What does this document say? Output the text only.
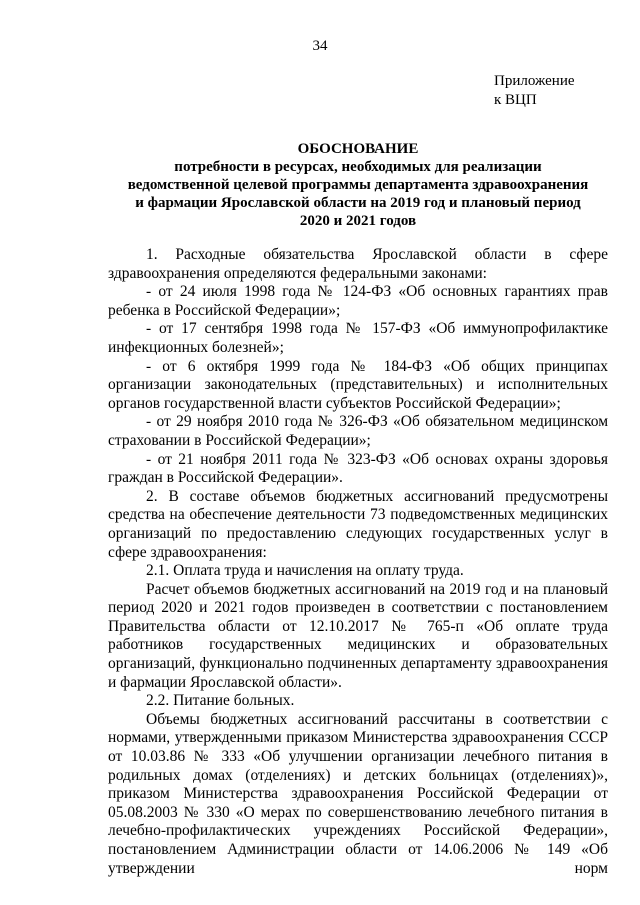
34
Приложение
к ВЦП
ОБОСНОВАНИЕ
потребности в ресурсах, необходимых для реализации
ведомственной целевой программы департамента здравоохранения
и фармации Ярославской области на 2019 год и плановый период
2020 и 2021 годов

1. Расходные обязательства Ярославской области в сфере здравоохранения определяются федеральными законами:

- от 24 июля 1998 года № 124-ФЗ «Об основных гарантиях прав ребенка в Российской Федерации»;

- от 17 сентября 1998 года № 157-ФЗ «Об иммунопрофилактике инфекционных болезней»;

- от 6 октября 1999 года № 184-ФЗ «Об общих принципах организации законодательных (представительных) и исполнительных органов государственной власти субъектов Российской Федерации»;

- от 29 ноября 2010 года № 326-ФЗ «Об обязательном медицинском страховании в Российской Федерации»;

- от 21 ноября 2011 года № 323-ФЗ «Об основах охраны здоровья граждан в Российской Федерации».

2. В составе объемов бюджетных ассигнований предусмотрены средства на обеспечение деятельности 73 подведомственных медицинских организаций по предоставлению следующих государственных услуг в сфере здравоохранения:

2.1. Оплата труда и начисления на оплату труда.

Расчет объемов бюджетных ассигнований на 2019 год и на плановый период 2020 и 2021 годов произведен в соответствии с постановлением Правительства области от 12.10.2017 № 765-п «Об оплате труда работников государственных медицинских и образовательных организаций, функционально подчиненных департаменту здравоохранения и фармации Ярославской области».

2.2. Питание больных.

Объемы бюджетных ассигнований рассчитаны в соответствии с нормами, утвержденными приказом Министерства здравоохранения СССР от 10.03.86 № 333 «Об улучшении организации лечебного питания в родильных домах (отделениях) и детских больницах (отделениях)», приказом Министерства здравоохранения Российской Федерации от 05.08.2003 № 330 «О мерах по совершенствованию лечебного питания в лечебно-профилактических учреждениях Российской Федерации», постановлением Администрации области от 14.06.2006 № 149 «Об утверждении норм
